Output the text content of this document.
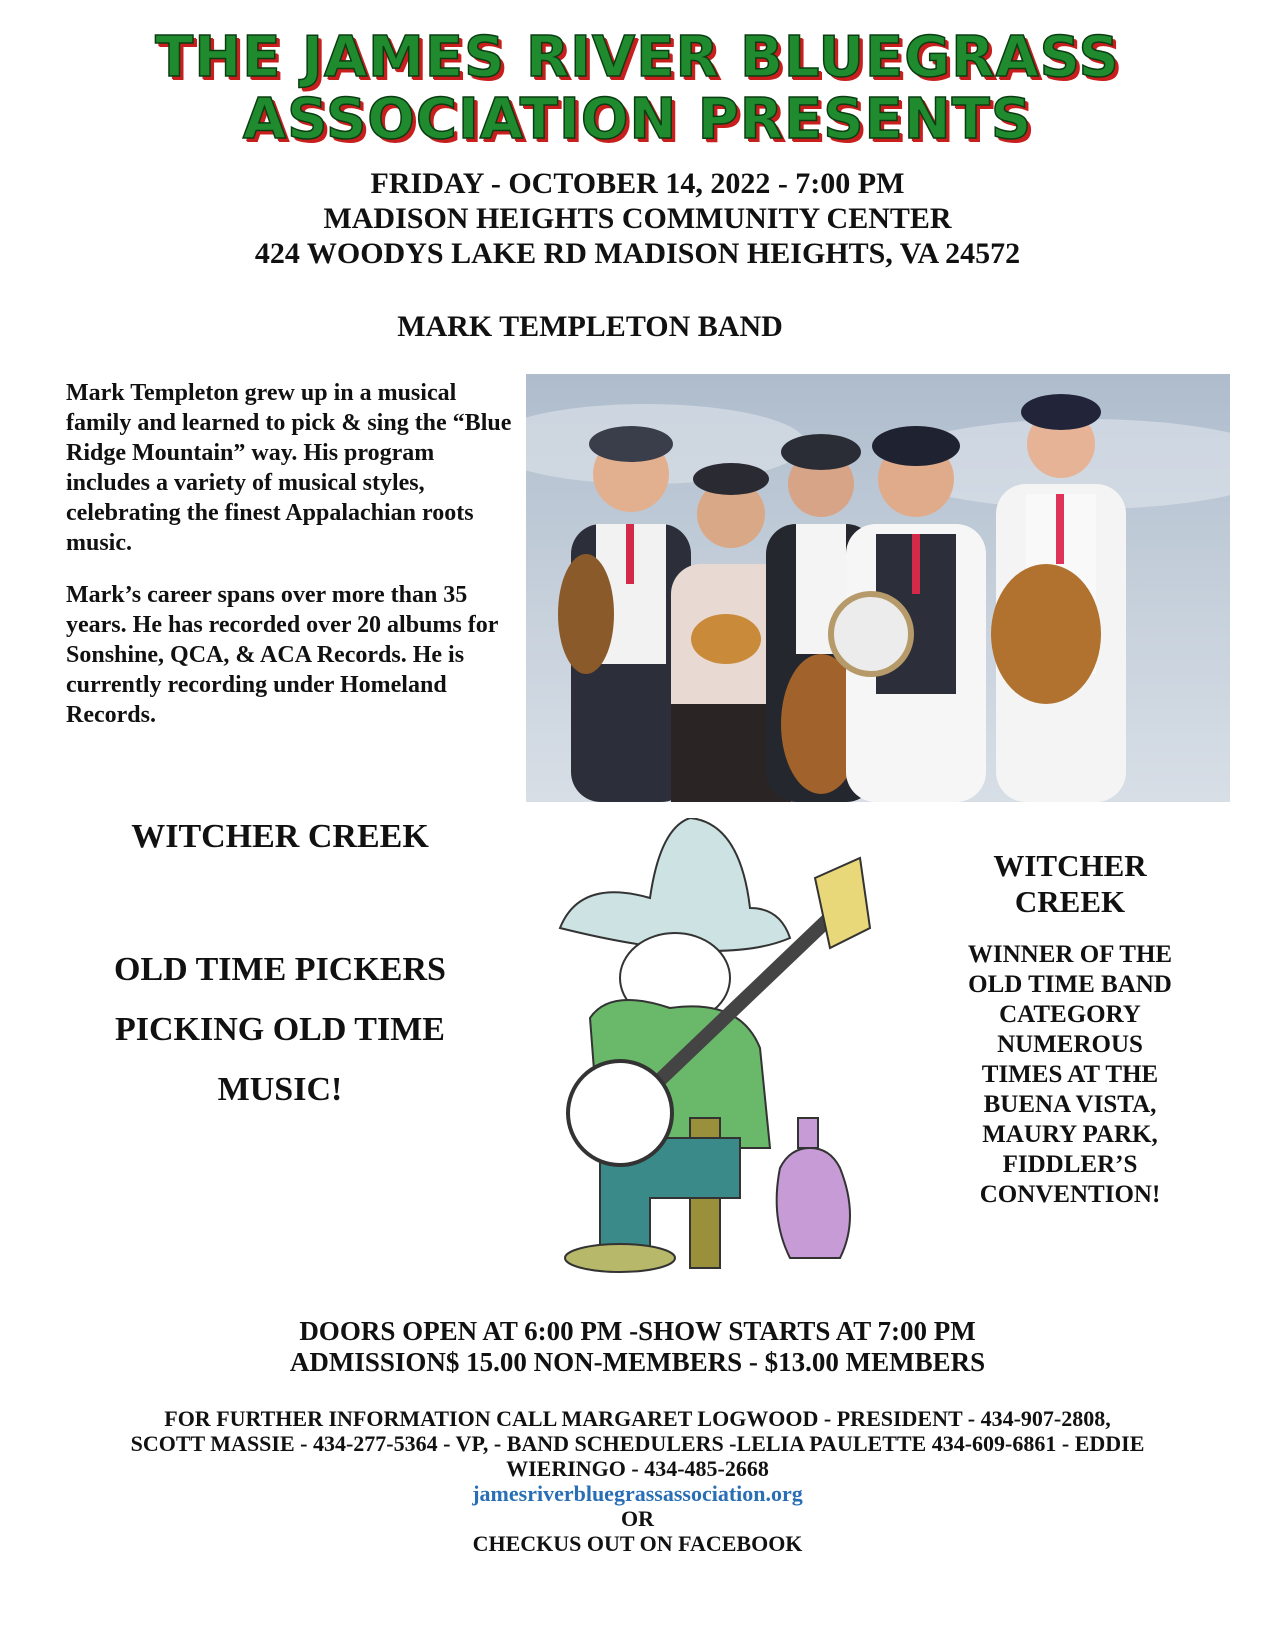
THE JAMES RIVER BLUEGRASS
ASSOCIATION PRESENTS
FRIDAY - OCTOBER 14, 2022 - 7:00 PM
MADISON HEIGHTS COMMUNITY CENTER
424 WOODYS LAKE RD MADISON HEIGHTS, VA 24572
MARK TEMPLETON BAND

Mark Templeton grew up in a musical family and learned to pick & sing the “Blue Ridge Mountain” way. His program includes a variety of musical styles, celebrating the finest Appalachian roots music.

Mark’s career spans over more than 35 years. He has recorded over 20 albums for Sonshine, QCA, & ACA Records. He is currently recording under Homeland Records.

WITCHER CREEK
OLD TIME PICKERS
PICKING OLD TIME
MUSIC!
WITCHER
CREEK
WINNER OF THE
OLD TIME BAND
CATEGORY
NUMEROUS
TIMES AT THE
BUENA VISTA,
MAURY PARK,
FIDDLER’S
CONVENTION!
DOORS OPEN AT 6:00 PM -SHOW STARTS AT 7:00 PM
ADMISSION$ 15.00 NON-MEMBERS - $13.00 MEMBERS
FOR FURTHER INFORMATION CALL MARGARET LOGWOOD - PRESIDENT - 434-907-2808,
SCOTT MASSIE - 434-277-5364 - VP, - BAND SCHEDULERS -LELIA PAULETTE 434-609-6861 - EDDIE
WIERINGO - 434-485-2668
jamesriverbluegrassassociation.org
OR
CHECKUS OUT ON FACEBOOK
